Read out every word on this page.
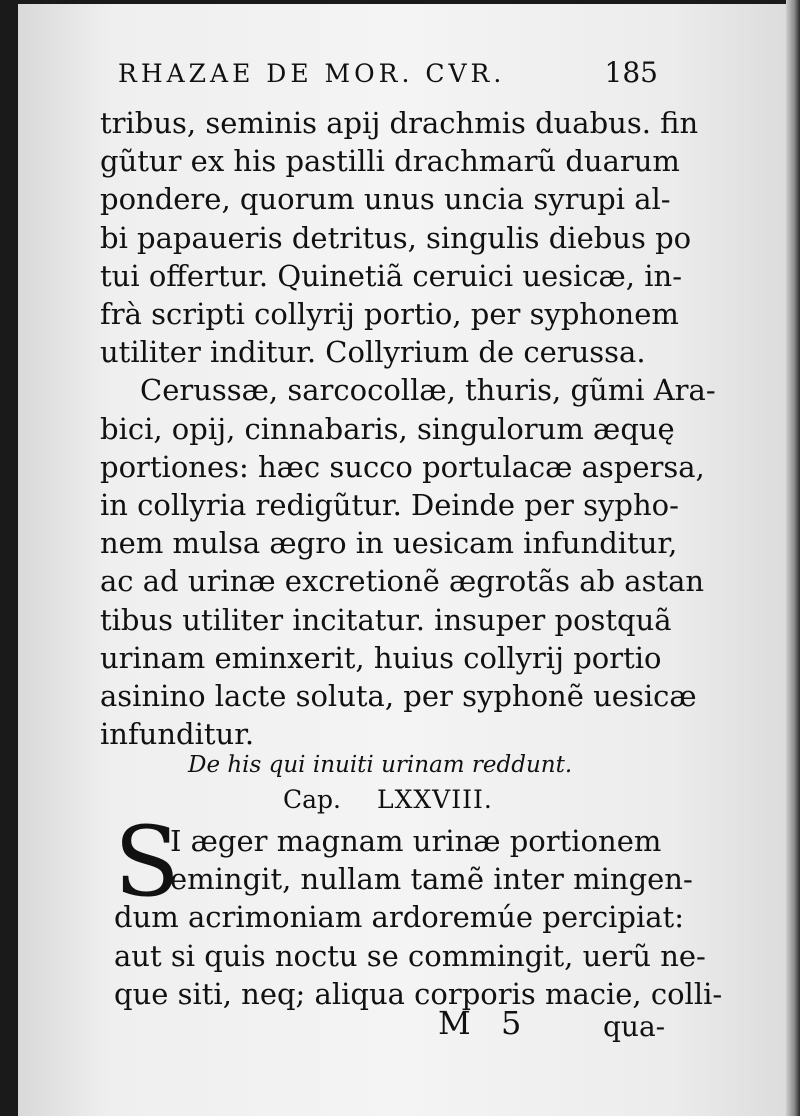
RHAZAE DE MOR. CVR.	185
tribus, seminis apij drachmis duabus. fin
gũtur ex his pastilli drachmarũ duarum
pondere, quorum unus uncia syrupi al-
bi papaueris detritus, singulis diebus po
tui offertur. Quinetiã ceruici uesicæ, in-
frà scripti collyrij portio, per syphonem
utiliter inditur. Collyrium de cerussa.
Cerussæ, sarcocollæ, thuris, gũmi Ara-
bici, opij, cinnabaris, singulorum æquę
portiones: hæc succo portulacæ aspersa,
in collyria redigũtur. Deinde per sypho-
nem mulsa ægro in uesicam infunditur,
ac ad urinæ excretionẽ ægrotãs ab astan
tibus utiliter incitatur. insuper postquã
urinam eminxerit, huius collyrij portio
asinino lacte soluta, per syphonẽ uesicæ
infunditur.
De his qui inuiti urinam reddunt.
Cap. LXXVIII.
S
I æger magnam urinæ portionem
emingit, nullam tamẽ inter mingen-
dum acrimoniam ardoremúe percipiat:
aut si quis noctu se commingit, uerũ ne-
que siti, neq; aliqua corporis macie, colli-
M 5	qua-
